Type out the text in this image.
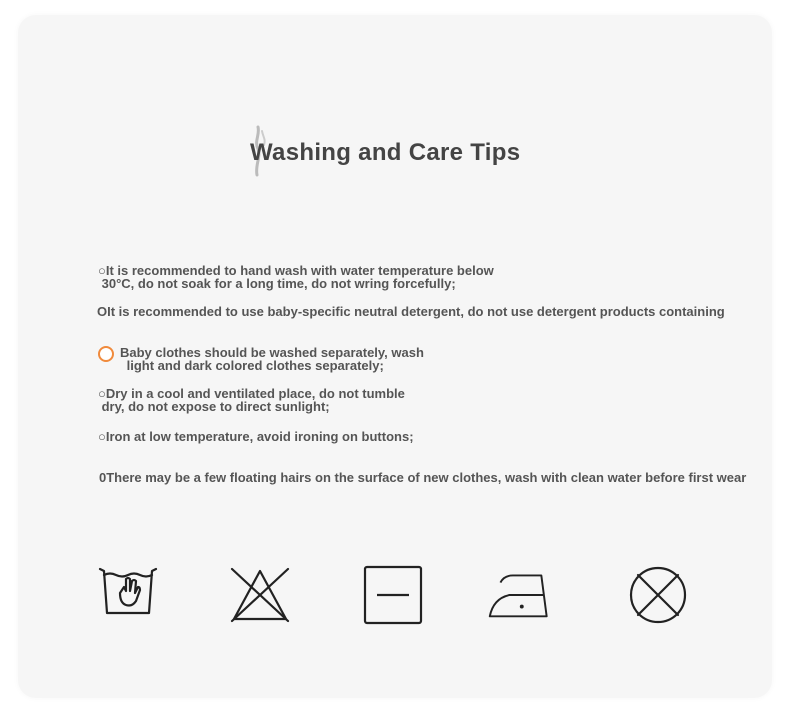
Washing and Care Tips

○It is recommended to hand wash with water temperature below
30°C, do not soak for a long time, do not wring forcefully;

OIt is recommended to use baby-specific neutral detergent, do not use detergent products containing

Baby clothes should be washed separately, wash
light and dark colored clothes separately;

○Dry in a cool and ventilated place, do not tumble
dry, do not expose to direct sunlight;

○Iron at low temperature, avoid ironing on buttons;

0There may be a few floating hairs on the surface of new clothes, wash with clean water before first wear
